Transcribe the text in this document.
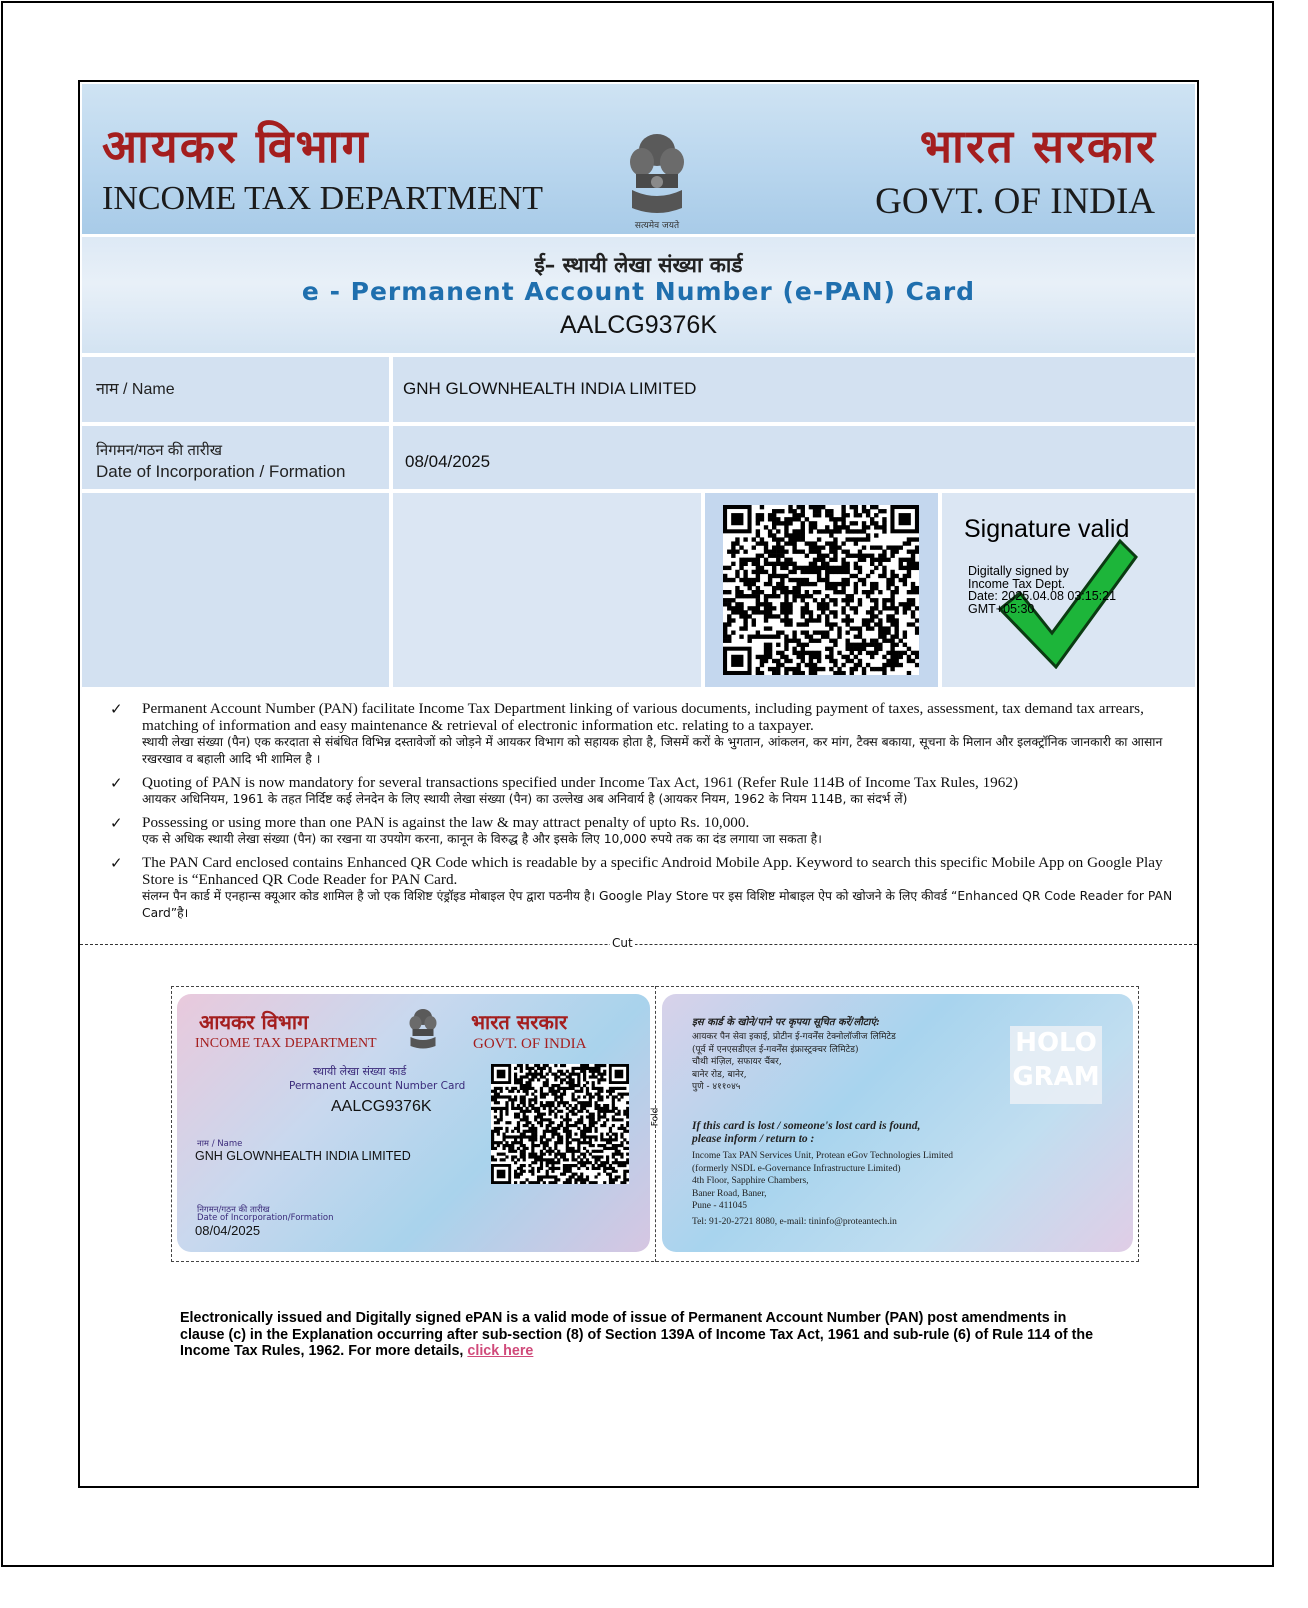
आयकर विभाग
INCOME TAX DEPARTMENT
सत्यमेव जयते
भारत सरकार
GOVT. OF INDIA
ई– स्थायी लेखा संख्या कार्ड
e - Permanent Account Number (e-PAN) Card
AALCG9376K
नाम / Name	GNH GLOWNHEALTH INDIA LIMITED
निगमन/गठन की तारीख
Date of Incorporation / Formation
08/04/2025
Signature valid
Digitally signed by
Income Tax Dept.
Date: 2025.04.08 03:15:21
GMT+05:30
✓ Permanent Account Number (PAN) facilitate Income Tax Department linking of various documents, including payment of taxes, assessment, tax demand tax arrears, matching of information and easy maintenance & retrieval of electronic information etc. relating to a taxpayer.
स्थायी लेखा संख्या (पैन) एक करदाता से संबंधित विभिन्न दस्तावेजों को जोड़ने में आयकर विभाग को सहायक होता है, जिसमें करों के भुगतान, आंकलन, कर मांग, टैक्स बकाया, सूचना के मिलान और इलक्ट्रॉनिक जानकारी का आसान रखरखाव व बहाली आदि भी शामिल है ।
✓ Quoting of PAN is now mandatory for several transactions specified under Income Tax Act, 1961 (Refer Rule 114B of Income Tax Rules, 1962)
आयकर अधिनियम, 1961 के तहत निर्दिष्ट कई लेनदेन के लिए स्थायी लेखा संख्या (पैन) का उल्लेख अब अनिवार्य है (आयकर नियम, 1962 के नियम 114B, का संदर्भ लें)
✓ Possessing or using more than one PAN is against the law & may attract penalty of upto Rs. 10,000.
एक से अधिक स्थायी लेखा संख्या (पैन) का रखना या उपयोग करना, कानून के विरुद्ध है और इसके लिए 10,000 रुपये तक का दंड लगाया जा सकता है।
✓ The PAN Card enclosed contains Enhanced QR Code which is readable by a specific Android Mobile App. Keyword to search this specific Mobile App on Google Play Store is “Enhanced QR Code Reader for PAN Card.
संलग्न पैन कार्ड में एनहान्स क्यूआर कोड शामिल है जो एक विशिष्ट एंड्रॉइड मोबाइल ऐप द्वारा पठनीय है। Google Play Store पर इस विशिष्ट मोबाइल ऐप को खोजने के लिए कीवर्ड “Enhanced QR Code Reader for PAN Card”है।
Cut
Fold
आयकर विभाग
INCOME TAX DEPARTMENT
भारत सरकार
GOVT. OF INDIA
स्थायी लेखा संख्या कार्ड
Permanent Account Number Card
AALCG9376K
नाम / Name
GNH GLOWNHEALTH INDIA LIMITED
निगमन/गठन की तारीख
Date of Incorporation/Formation
08/04/2025
इस कार्ड के खोने/पाने पर कृपया सूचित करें/लौटाएं:
आयकर पैन सेवा इकाई, प्रोटीन ई-गवर्नेंस टेक्नोलॉजीज लिमिटेड
(पूर्व में एनएसडीएल ई-गवर्नेंस इंफ्रास्ट्रक्चर लिमिटेड)
चौथी मंज़िल, सफायर चैंबर,
बानेर रोड, बानेर,
पुणे - ४११०४५
If this card is lost / someone's lost card is found,
please inform / return to :
Income Tax PAN Services Unit, Protean eGov Technologies Limited
(formerly NSDL e-Governance Infrastructure Limited)
4th Floor, Sapphire Chambers,
Baner Road, Baner,
Pune - 411045
Tel: 91-20-2721 8080, e-mail: tininfo@proteantech.in
HOLO
GRAM
Electronically issued and Digitally signed ePAN is a valid mode of issue of Permanent Account Number (PAN) post amendments in clause (c) in the Explanation occurring after sub-section (8) of Section 139A of Income Tax Act, 1961 and sub-rule (6) of Rule 114 of the Income Tax Rules, 1962. For more details, click here
